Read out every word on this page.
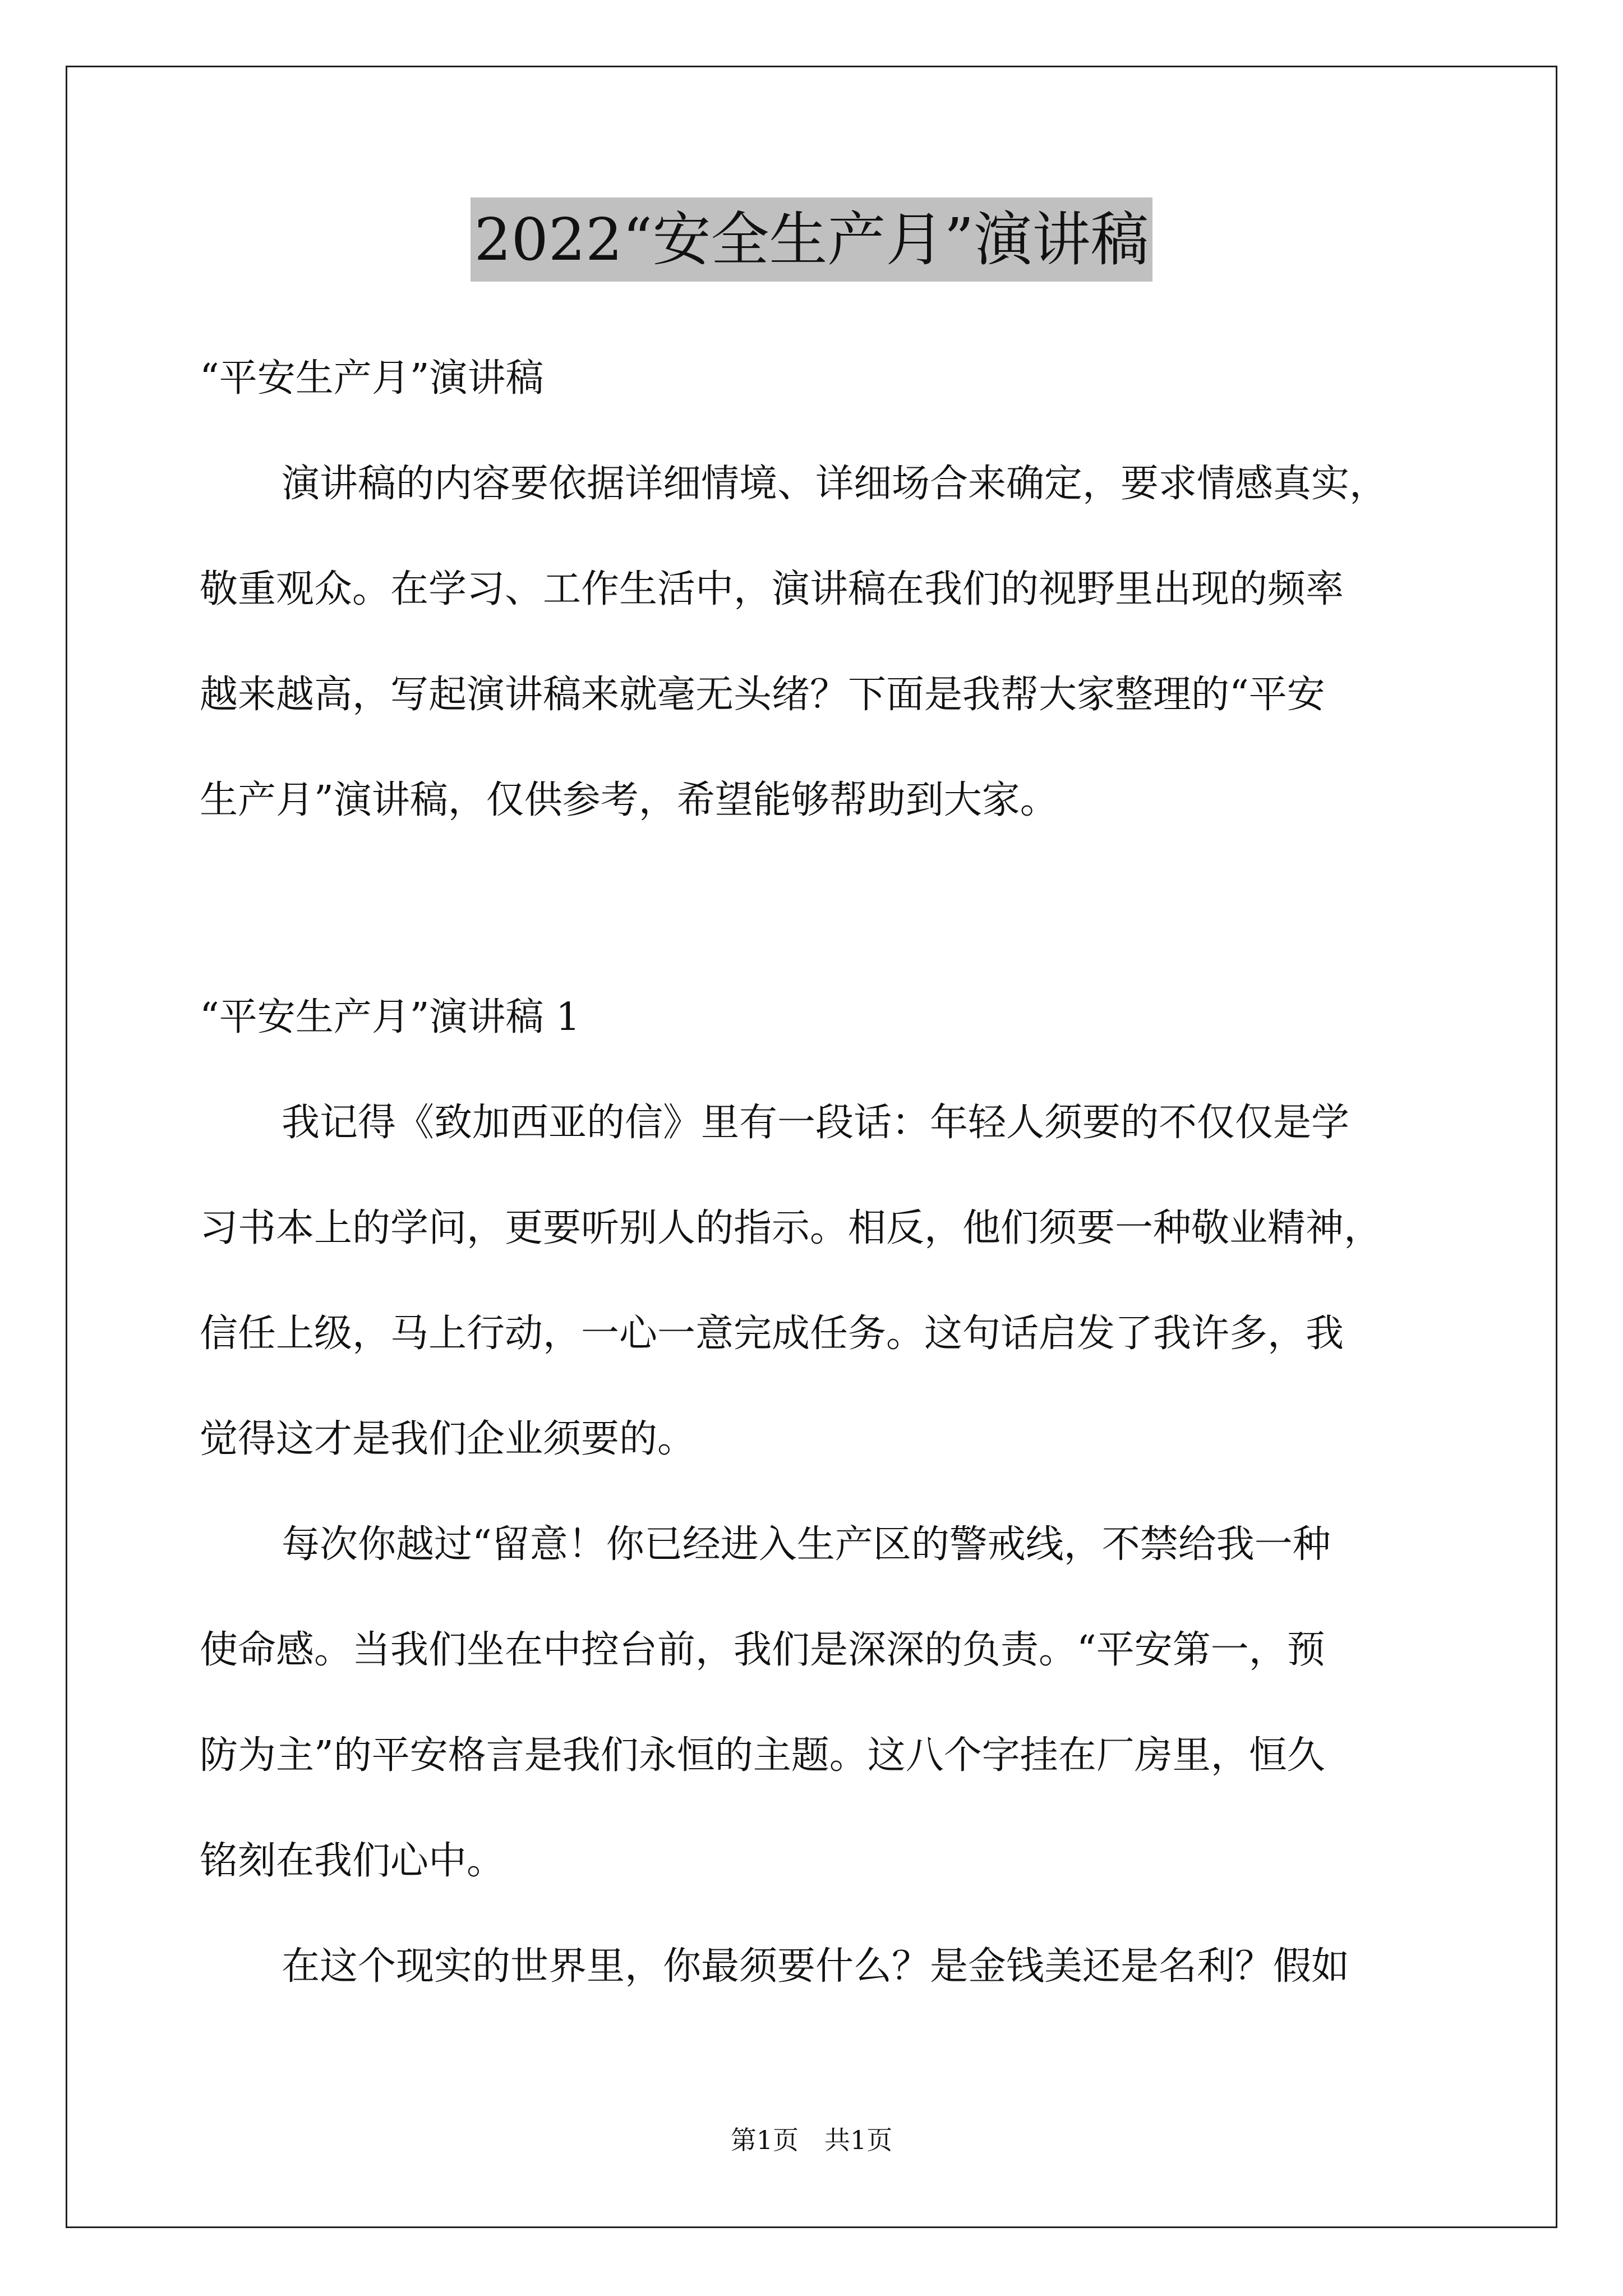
2022“安全生产月”演讲稿
“平安生产月”演讲稿
演讲稿的内容要依据详细情境、详细场合来确定，要求情感真实，
敬重观众。在学习、工作生活中，演讲稿在我们的视野里出现的频率
越来越高，写起演讲稿来就毫无头绪？下面是我帮大家整理的“平安
生产月”演讲稿，仅供参考，希望能够帮助到大家。
“平安生产月”演讲稿 1
我记得《致加西亚的信》里有一段话：年轻人须要的不仅仅是学
习书本上的学问，更要听别人的指示。相反，他们须要一种敬业精神，
信任上级，马上行动，一心一意完成任务。这句话启发了我许多，我
觉得这才是我们企业须要的。
每次你越过“留意！你已经进入生产区的警戒线，不禁给我一种
使命感。当我们坐在中控台前，我们是深深的负责。“平安第一，预
防为主”的平安格言是我们永恒的主题。这八个字挂在厂房里，恒久
铭刻在我们心中。
在这个现实的世界里，你最须要什么？是金钱美还是名利？假如
第1页　共1页
